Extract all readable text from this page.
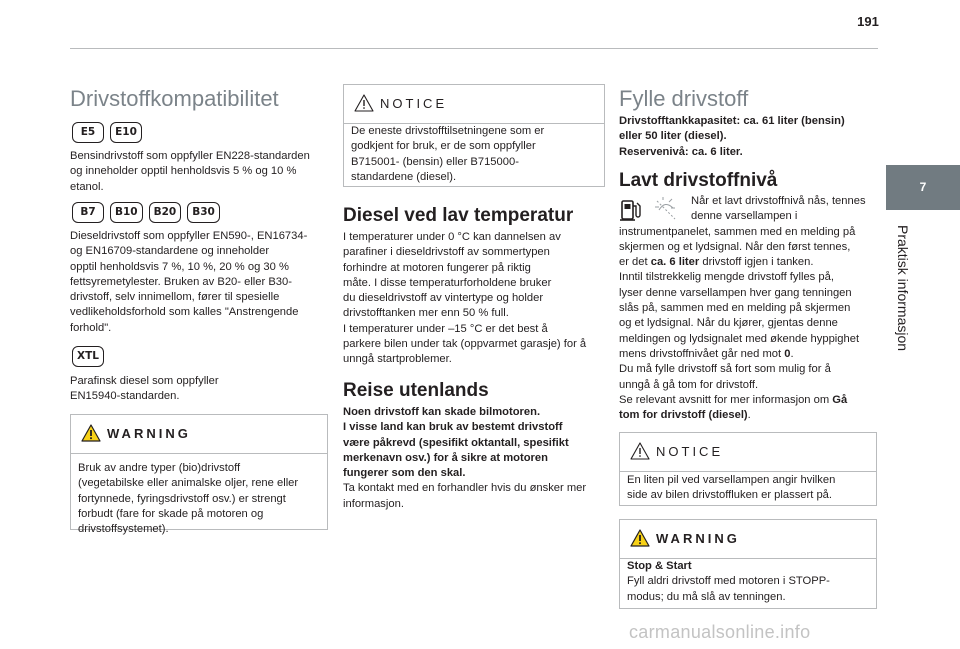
191
7
Praktisk informasjon
Drivstoffkompatibilitet
E5	E10

Bensindrivstoff som oppfyller EN228-standarden
og inneholder opptil henholdsvis 5 % og 10 %
etanol.

B7	B10	B20	B30

Dieseldrivstoff som oppfyller EN590-, EN16734-
og EN16709-standardene og inneholder
opptil henholdsvis 7 %, 10 %, 20 % og 30 %
fettsyremetylester. Bruken av B20- eller B30-
drivstoff, selv innimellom, fører til spesielle
vedlikeholdsforhold som kalles "Anstrengende
forhold".

XTL

Parafinsk diesel som oppfyller
EN15940-standarden.

WARNING

Bruk av andre typer (bio)drivstoff
(vegetabilske eller animalske oljer, rene eller
fortynnede, fyringsdrivstoff osv.) er strengt
forbudt (fare for skade på motoren og
drivstoffsystemet).

NOTICE

De eneste drivstofftilsetningene som er
godkjent for bruk, er de som oppfyller
B715001- (bensin) eller B715000-
standardene (diesel).

Diesel ved lav temperatur

I temperaturer under 0 °C kan dannelsen av
parafiner i dieseldrivstoff av sommertypen
forhindre at motoren fungerer på riktig
måte. I disse temperaturforholdene bruker
du dieseldrivstoff av vintertype og holder
drivstofftanken mer enn 50 % full.
I temperaturer under –15 °C er det best å
parkere bilen under tak (oppvarmet garasje) for å
unngå startproblemer.

Reise utenlands

Noen drivstoff kan skade bilmotoren.
I visse land kan bruk av bestemt drivstoff
være påkrevd (spesifikt oktantall, spesifikt
merkenavn osv.) for å sikre at motoren
fungerer som den skal.
Ta kontakt med en forhandler hvis du ønsker mer
informasjon.

Fylle drivstoff

Drivstofftankkapasitet: ca. 61 liter (bensin)
eller 50 liter (diesel).
Reservenivå: ca. 6 liter.

Lavt drivstoffnivå

Når et lavt drivstoffnivå nås, tennes
denne varsellampen i

instrumentpanelet, sammen med en melding på
skjermen og et lydsignal. Når den først tennes,
er det ca. 6 liter drivstoff igjen i tanken.
Inntil tilstrekkelig mengde drivstoff fylles på,
lyser denne varsellampen hver gang tenningen
slås på, sammen med en melding på skjermen
og et lydsignal. Når du kjører, gjentas denne
meldingen og lydsignalet med økende hyppighet
mens drivstoffnivået går ned mot 0.
Du må fylle drivstoff så fort som mulig for å
unngå å gå tom for drivstoff.
Se relevant avsnitt for mer informasjon om Gå
tom for drivstoff (diesel).

NOTICE

En liten pil ved varsellampen angir hvilken
side av bilen drivstoffluken er plassert på.

WARNING

Stop & Start
Fyll aldri drivstoff med motoren i STOPP-
modus; du må slå av tenningen.

carmanualsonline.info
